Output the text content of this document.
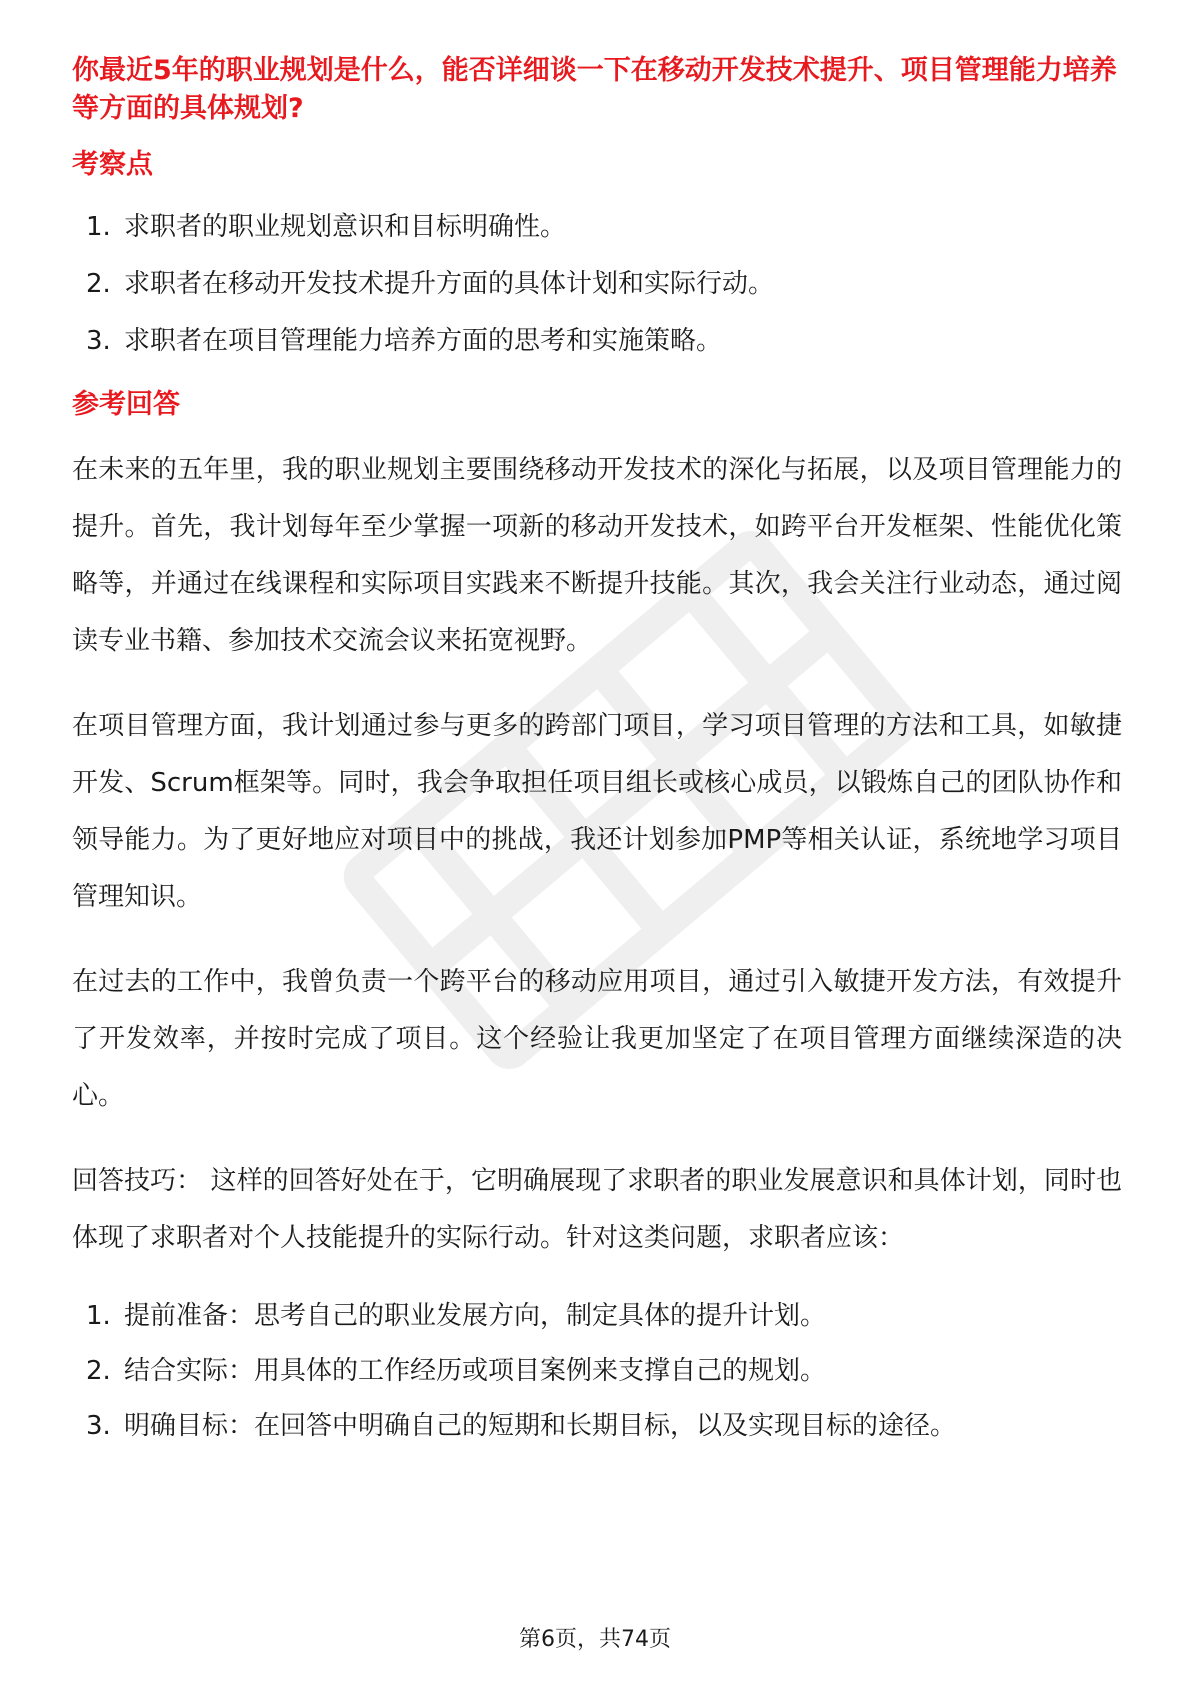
你最近5年的职业规划是什么，能否详细谈一下在移动开发技术提升、项目管理能力培养等方面的具体规划?

考察点

1. 求职者的职业规划意识和目标明确性。
2. 求职者在移动开发技术提升方面的具体计划和实际行动。
3. 求职者在项目管理能力培养方面的思考和实施策略。

参考回答

在未来的五年里，我的职业规划主要围绕移动开发技术的深化与拓展，以及项目管理能力的提升。首先，我计划每年至少掌握一项新的移动开发技术，如跨平台开发框架、性能优化策略等，并通过在线课程和实际项目实践来不断提升技能。其次，我会关注行业动态，通过阅读专业书籍、参加技术交流会议来拓宽视野。

在项目管理方面，我计划通过参与更多的跨部门项目，学习项目管理的方法和工具，如敏捷开发、Scrum框架等。同时，我会争取担任项目组长或核心成员，以锻炼自己的团队协作和领导能力。为了更好地应对项目中的挑战，我还计划参加PMP等相关认证，系统地学习项目管理知识。

在过去的工作中，我曾负责一个跨平台的移动应用项目，通过引入敏捷开发方法，有效提升了开发效率，并按时完成了项目。这个经验让我更加坚定了在项目管理方面继续深造的决心。

回答技巧： 这样的回答好处在于，它明确展现了求职者的职业发展意识和具体计划，同时也体现了求职者对个人技能提升的实际行动。针对这类问题，求职者应该：

1. 提前准备：思考自己的职业发展方向，制定具体的提升计划。
2. 结合实际：用具体的工作经历或项目案例来支撑自己的规划。
3. 明确目标：在回答中明确自己的短期和长期目标，以及实现目标的途径。
第6页，共74页
